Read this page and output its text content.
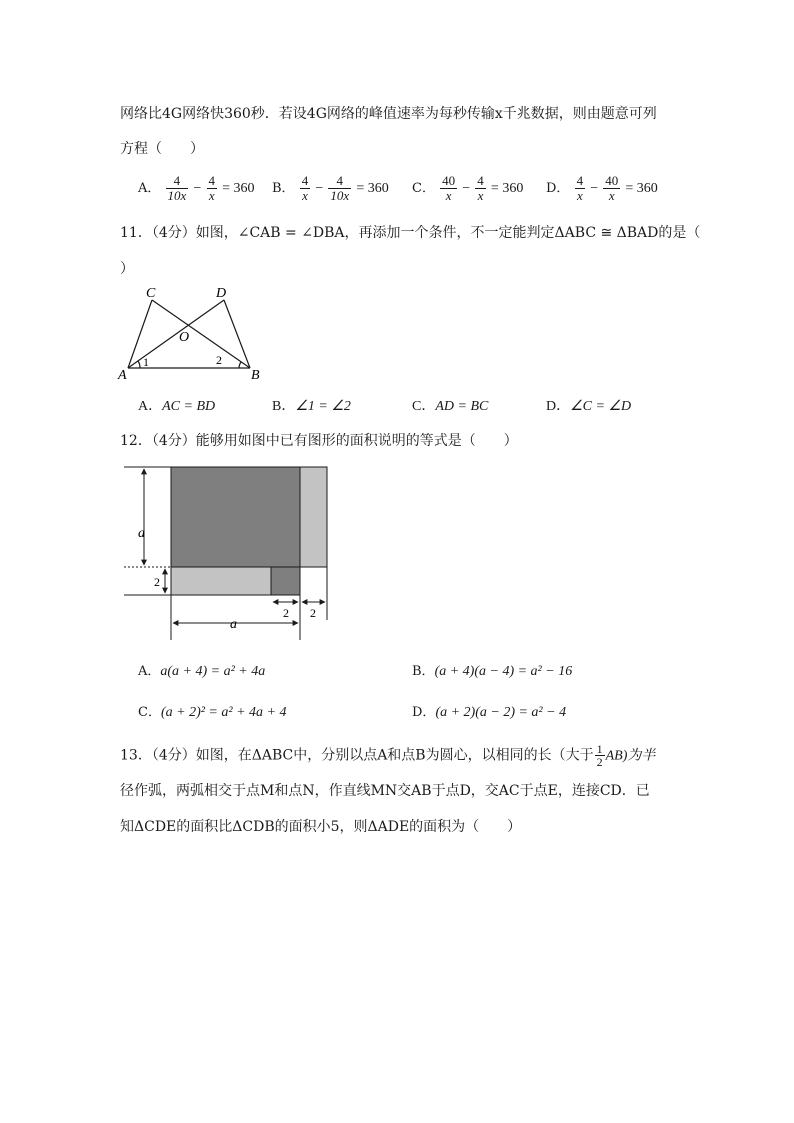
网络比4G网络快360秒．若设4G网络的峰值速率为每秒传输x千兆数据，则由题意可列
方程（　　）
A． $\frac{4}{10x} - \frac{4}{x} = 360$ B． $\frac{4}{x} - \frac{4}{10x} = 360$ C． $\frac{40}{x} - \frac{4}{x} = 360$ D． $\frac{4}{x} - \frac{40}{x} = 360$
11．（4分）如图，∠CAB = ∠DBA，再添加一个条件，不一定能判定ΔABC ≅ ΔBAD的是（
）
C	D
O
A	B
1	2
A．AC = BD	B．∠1 = ∠2	C．AD = BC	D．∠C = ∠D
12．（4分）能够用如图中已有图形的面积说明的等式是（　　）
a
2
a
2 2
A．a(a + 4) = a² + 4a	B．(a + 4)(a − 4) = a² − 16
C．(a + 2)² = a² + 4a + 4	D．(a + 2)(a − 2) = a² − 4
13．（4分）如图，在ΔABC中，分别以点A和点B为圆心，以相同的长（大于 $\frac{1}{2} AB$)为半
径作弧，两弧相交于点M和点N，作直线MN交AB于点D，交AC于点E，连接CD．已
知ΔCDE的面积比ΔCDB的面积小5，则ΔADE的面积为（　　）
